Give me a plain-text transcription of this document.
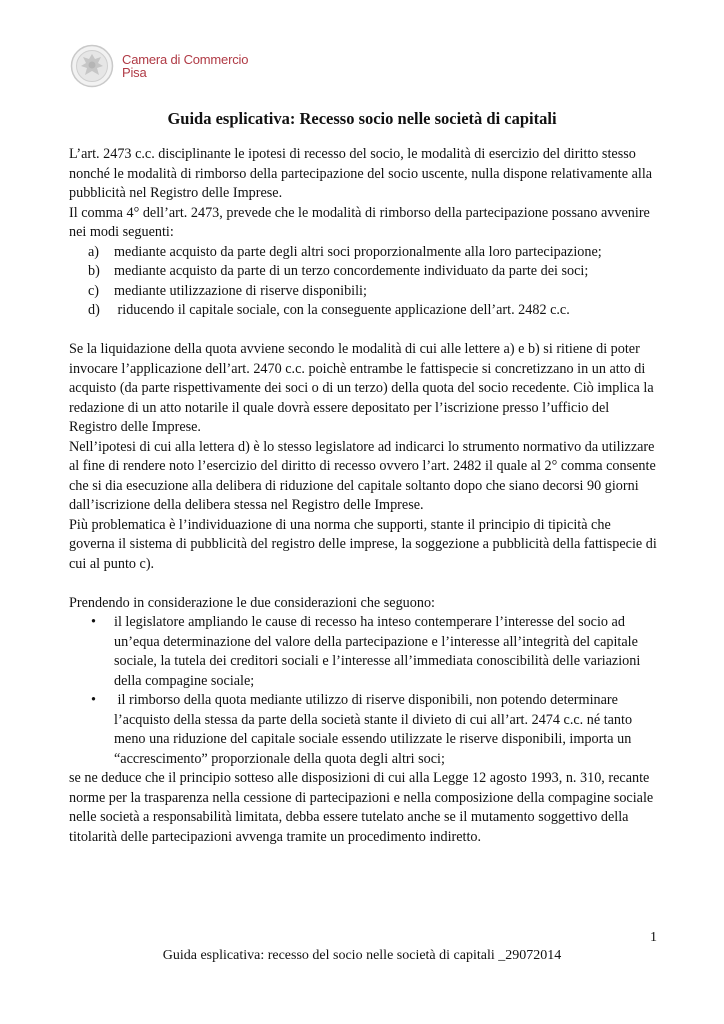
Camera di Commercio
Pisa
Guida esplicativa: Recesso socio nelle società di capitali

L’art. 2473 c.c. disciplinante le ipotesi di recesso del socio, le modalità di esercizio del diritto stesso nonché le modalità di rimborso della partecipazione del socio uscente, nulla dispone relativamente alla pubblicità nel Registro delle Imprese.

Il comma 4° dell’art. 2473, prevede che le modalità di rimborso della partecipazione possano avvenire nei modi seguenti:

a) mediante acquisto da parte degli altri soci proporzionalmente alla loro partecipazione;
b) mediante acquisto da parte di un terzo concordemente individuato da parte dei soci;
c) mediante utilizzazione di riserve disponibili;
d) riducendo il capitale sociale, con la conseguente applicazione dell’art. 2482 c.c.

Se la liquidazione della quota avviene secondo le modalità di cui alle lettere a) e b) si ritiene di poter invocare l’applicazione dell’art. 2470 c.c. poichè entrambe le fattispecie si concretizzano in un atto di acquisto (da parte rispettivamente dei soci o di un terzo) della quota del socio recedente. Ciò implica la redazione di un atto notarile il quale dovrà essere depositato per l’iscrizione presso l’ufficio del Registro delle Imprese.

Nell’ipotesi di cui alla lettera d) è lo stesso legislatore ad indicarci lo strumento normativo da utilizzare al fine di rendere noto l’esercizio del diritto di recesso ovvero l’art. 2482 il quale al 2° comma consente che si dia esecuzione alla delibera di riduzione del capitale soltanto dopo che siano decorsi 90 giorni dall’iscrizione della delibera stessa nel Registro delle Imprese.

Più problematica è l’individuazione di una norma che supporti, stante il principio di tipicità che governa il sistema di pubblicità del registro delle imprese, la soggezione a pubblicità della fattispecie di cui al punto c).

Prendendo in considerazione le due considerazioni che seguono:

• il legislatore ampliando le cause di recesso ha inteso contemperare l’interesse del socio ad un’equa determinazione del valore della partecipazione e l’interesse all’integrità del capitale sociale, la tutela dei creditori sociali e l’interesse all’immediata conoscibilità delle variazioni della compagine sociale;
• il rimborso della quota mediante utilizzo di riserve disponibili, non potendo determinare l’acquisto della stessa da parte della società stante il divieto di cui all’art. 2474 c.c. né tanto meno una riduzione del capitale sociale essendo utilizzate le riserve disponibili, importa un “accrescimento” proporzionale della quota degli altri soci;

se ne deduce che il principio sotteso alle disposizioni di cui alla Legge 12 agosto 1993, n. 310, recante norme per la trasparenza nella cessione di partecipazioni e nella composizione della compagine sociale nelle società a responsabilità limitata, debba essere tutelato anche se il mutamento soggettivo della titolarità delle partecipazioni avvenga tramite un procedimento indiretto.

1
Guida esplicativa: recesso del socio nelle società di capitali _29072014
